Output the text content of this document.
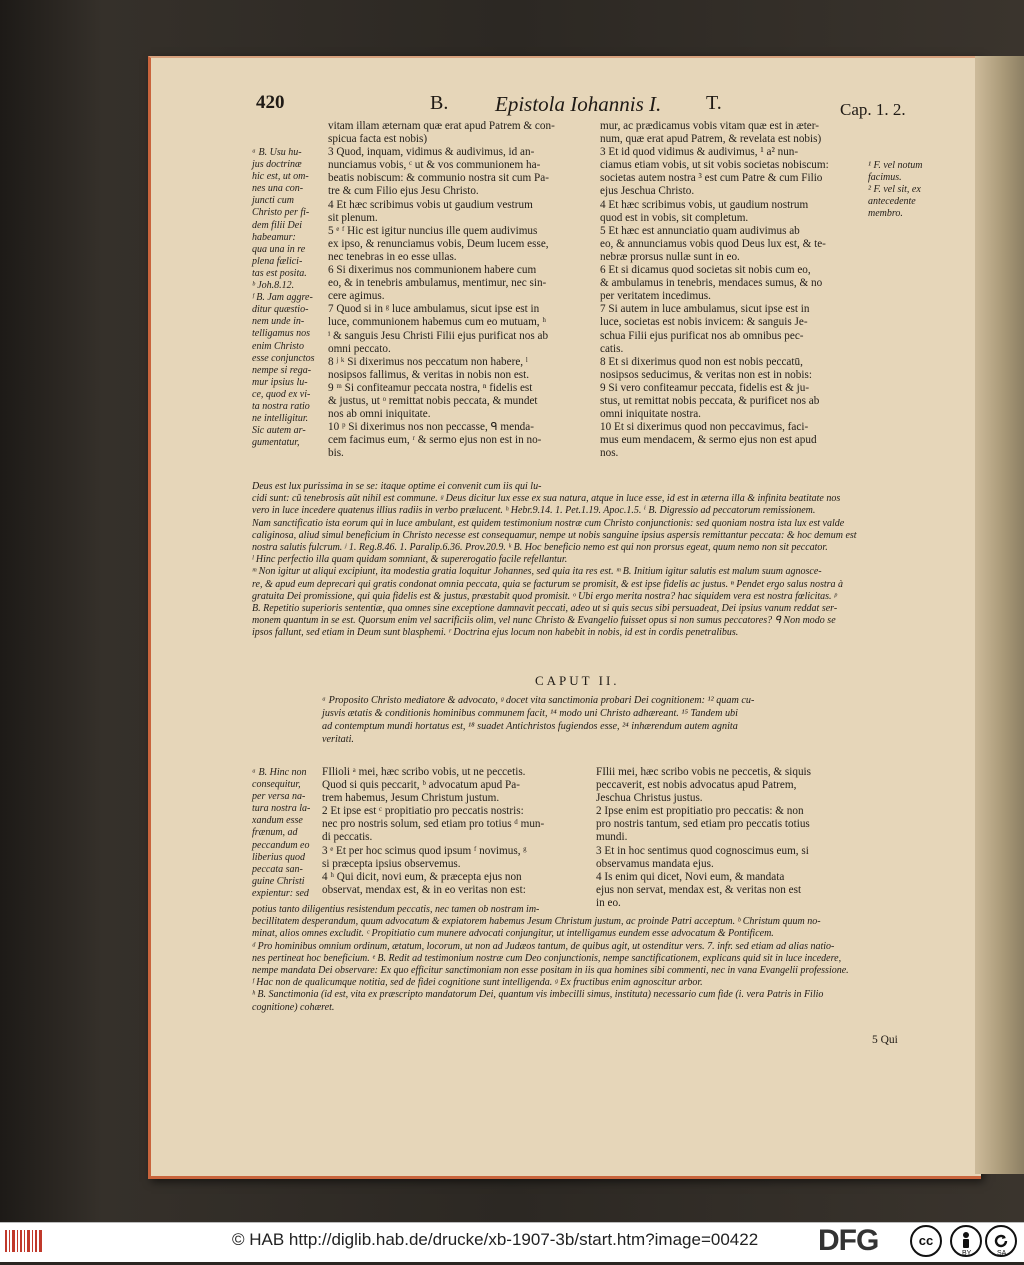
420	B. Epistola Iohannis I. T.	Cap. 1. 2.
ᵃ B. Usu hu-
jus doctrinæ
hic est, ut om-
nes una con-
juncti cum
Christo per fi-
dem filii Dei
habeamur:
qua una in re
plena fælici-
tas est posita.
ᵇ Joh.8.12.
ᶠ B. Jam aggre-
ditur quæstio-
nem unde in-
telligamus nos
enim Christo
esse conjunctos
nempe si rega-
mur ipsius lu-
ce, quod ex vi-
ta nostra ratio
ne intelligitur.
Sic autem ar-
gumentatur,
vitam illam æternam quæ erat apud Patrem & con-
spicua facta est nobis)
3 Quod, inquam, vidimus & audivimus, id an-
nunciamus vobis, ᶜ ut & vos communionem ha-
beatis nobiscum: & communio nostra sit cum Pa-
tre & cum Filio ejus Jesu Christo.
4 Et hæc scribimus vobis ut gaudium vestrum
sit plenum.
5 ᵉ ᶠ Hic est igitur nuncius ille quem audivimus
ex ipso, & renunciamus vobis, Deum lucem esse,
nec tenebras in eo esse ullas.
6 Si dixerimus nos communionem habere cum
eo, & in tenebris ambulamus, mentimur, nec sin-
cere agimus.
7 Quod si in ᵍ luce ambulamus, sicut ipse est in
luce, communionem habemus cum eo mutuam, ʰ
ⁱ & sanguis Jesu Christi Filii ejus purificat nos ab
omni peccato.
8 ʲ ᵏ Si dixerimus nos peccatum non habere, ˡ
nosipsos fallimus, & veritas in nobis non est.
9 ᵐ Si confiteamur peccata nostra, ⁿ fidelis est
& justus, ut ᵒ remittat nobis peccata, & mundet
nos ab omni iniquitate.
10 ᵖ Si dixerimus nos non peccasse, ᑫ menda-
cem facimus eum, ʳ & sermo ejus non est in no-
bis.
mur, ac prædicamus vobis vitam quæ est in æter-
num, quæ erat apud Patrem, & revelata est nobis)
3 Et id quod vidimus & audivimus, ¹ a² nun-
ciamus etiam vobis, ut sit vobis societas nobiscum:
societas autem nostra ³ est cum Patre & cum Filio
ejus Jeschua Christo.
4 Et hæc scribimus vobis, ut gaudium nostrum
quod est in vobis, sit completum.
5 Et hæc est annunciatio quam audivimus ab
eo, & annunciamus vobis quod Deus lux est, & te-
nebræ prorsus nullæ sunt in eo.
6 Et si dicamus quod societas sit nobis cum eo,
& ambulamus in tenebris, mendaces sumus, & no
per veritatem incedimus.
7 Si autem in luce ambulamus, sicut ipse est in
luce, societas est nobis invicem: & sanguis Je-
schua Filii ejus purificat nos ab omnibus pec-
catis.
8 Et si dixerimus quod non est nobis peccatū,
nosipsos seducimus, & veritas non est in nobis:
9 Si vero confiteamur peccata, fidelis est & ju-
stus, ut remittat nobis peccata, & purificet nos ab
omni iniquitate nostra.
10 Et si dixerimus quod non peccavimus, faci-
mus eum mendacem, & sermo ejus non est apud
nos.
¹ F. vel notum
facimus.
² F. vel sit, ex
antecedente
membro.
Deus est lux purissima in se se: itaque optime ei convenit cum iis qui lu-
cidi sunt: cū tenebrosis aūt nihil est commune. ᵍ Deus dicitur lux esse ex sua natura, atque in luce esse, id est in æterna illa & infinita beatitate nos
vero in luce incedere quatenus illius radiis in verbo prælucent. ʰ Hebr.9.14. 1. Pet.1.19. Apoc.1.5. ⁱ B. Digressio ad peccatorum remissionem.
Nam sanctificatio ista eorum qui in luce ambulant, est quidem testimonium nostræ cum Christo conjunctionis: sed quoniam nostra ista lux est valde
caliginosa, aliud simul beneficium in Christo necesse est consequamur, nempe ut nobis sanguine ipsius aspersis remittantur peccata: & hoc demum est
nostra salutis fulcrum. ʲ 1. Reg.8.46. 1. Paralip.6.36. Prov.20.9. ᵏ B. Hoc beneficio nemo est qui non prorsus egeat, quum nemo non sit peccator.
ˡ Hinc perfectio illa quam quidam somniant, & supererogatio facile refellantur.
ᵐ Non igitur ut aliqui excipiunt, ita modestia gratia loquitur Johannes, sed quia ita res est. ᵐ B. Initium igitur salutis est malum suum agnosce-
re, & apud eum deprecari qui gratis condonat omnia peccata, quia se facturum se promisit, & est ipse fidelis ac justus. ⁿ Pendet ergo salus nostra à
gratuita Dei promissione, qui quia fidelis est & justus, præstabit quod promisit. ᵒ Ubi ergo merita nostra? hac siquidem vera est nostra fœlicitas. ᵖ
B. Repetitio superioris sententiæ, qua omnes sine exceptione damnavit peccati, adeo ut si quis secus sibi persuadeat, Dei ipsius vanum reddat ser-
monem quantum in se est. Quorsum enim vel sacrificiis olim, vel nunc Christo & Evangelio fuisset opus si non sumus peccatores? ᑫ Non modo se
ipsos fallunt, sed etiam in Deum sunt blasphemi. ʳ Doctrina ejus locum non habebit in nobis, id est in cordis penetralibus.
CAPUT II.
ᵃ Proposito Christo mediatore & advocato, ᵍ docet vita sanctimonia probari Dei cognitionem: ¹² quam cu-
jusvis ætatis & conditionis hominibus communem facit, ¹⁴ modo uni Christo adhæreant. ¹⁵ Tandem ubi
ad contemptum mundi hortatus est, ¹⁸ suadet Antichristos fugiendos esse, ²⁴ inhærendum autem agnita
veritati.
ᵃ B. Hinc non
consequitur,
per versa na-
tura nostra la-
xandum esse
frænum, ad
peccandum eo
liberius quod
peccata san-
guine Christi
expientur: sed
FIlioli ᵃ mei, hæc scribo vobis, ut ne peccetis.
Quod si quis peccarit, ᵇ advocatum apud Pa-
trem habemus, Jesum Christum justum.
2 Et ipse est ᶜ propitiatio pro peccatis nostris:
nec pro nostris solum, sed etiam pro totius ᵈ mun-
di peccatis.
3 ᵉ Et per hoc scimus quod ipsum ᶠ novimus, ᵍ
si præcepta ipsius observemus.
4 ʰ Qui dicit, novi eum, & præcepta ejus non
observat, mendax est, & in eo veritas non est:
FIlii mei, hæc scribo vobis ne peccetis, & siquis
peccaverit, est nobis advocatus apud Patrem,
Jeschua Christus justus.
2 Ipse enim est propitiatio pro peccatis: & non
pro nostris tantum, sed etiam pro peccatis totius
mundi.
3 Et in hoc sentimus quod cognoscimus eum, si
observamus mandata ejus.
4 Is enim qui dicet, Novi eum, & mandata
ejus non servat, mendax est, & veritas non est
in eo.
potius tanto diligentius resistendum peccatis, nec tamen ob nostram im-
becillitatem desperandum, quum advocatum & expiatorem habemus Jesum Christum justum, ac proinde Patri acceptum. ᵇ Christum quum no-
minat, alios omnes excludit. ᶜ Propitiatio cum munere advocati conjungitur, ut intelligamus eundem esse advocatum & Pontificem.
ᵈ Pro hominibus omnium ordinum, ætatum, locorum, ut non ad Judæos tantum, de quibus agit, ut ostenditur vers. 7. infr. sed etiam ad alias natio-
nes pertineat hoc beneficium. ᵉ B. Redit ad testimonium nostræ cum Deo conjunctionis, nempe sanctificationem, explicans quid sit in luce incedere,
nempe mandata Dei observare: Ex quo efficitur sanctimoniam non esse positam in iis qua homines sibi commenti, nec in vana Evangelii professione.
ᶠ Hac non de qualicumque notitia, sed de fidei cognitione sunt intelligenda. ᵍ Ex fructibus enim agnoscitur arbor.
ʰ B. Sanctimonia (id est, vita ex præscripto mandatorum Dei, quantum vis imbecilli simus, instituta) necessario cum fide (i. vera Patris in Filio
cognitione) cohæret.
5 Qui
© HAB http://diglib.hab.de/drucke/xb-1907-3b/start.htm?image=00422 DFG	cc
BY	SA
